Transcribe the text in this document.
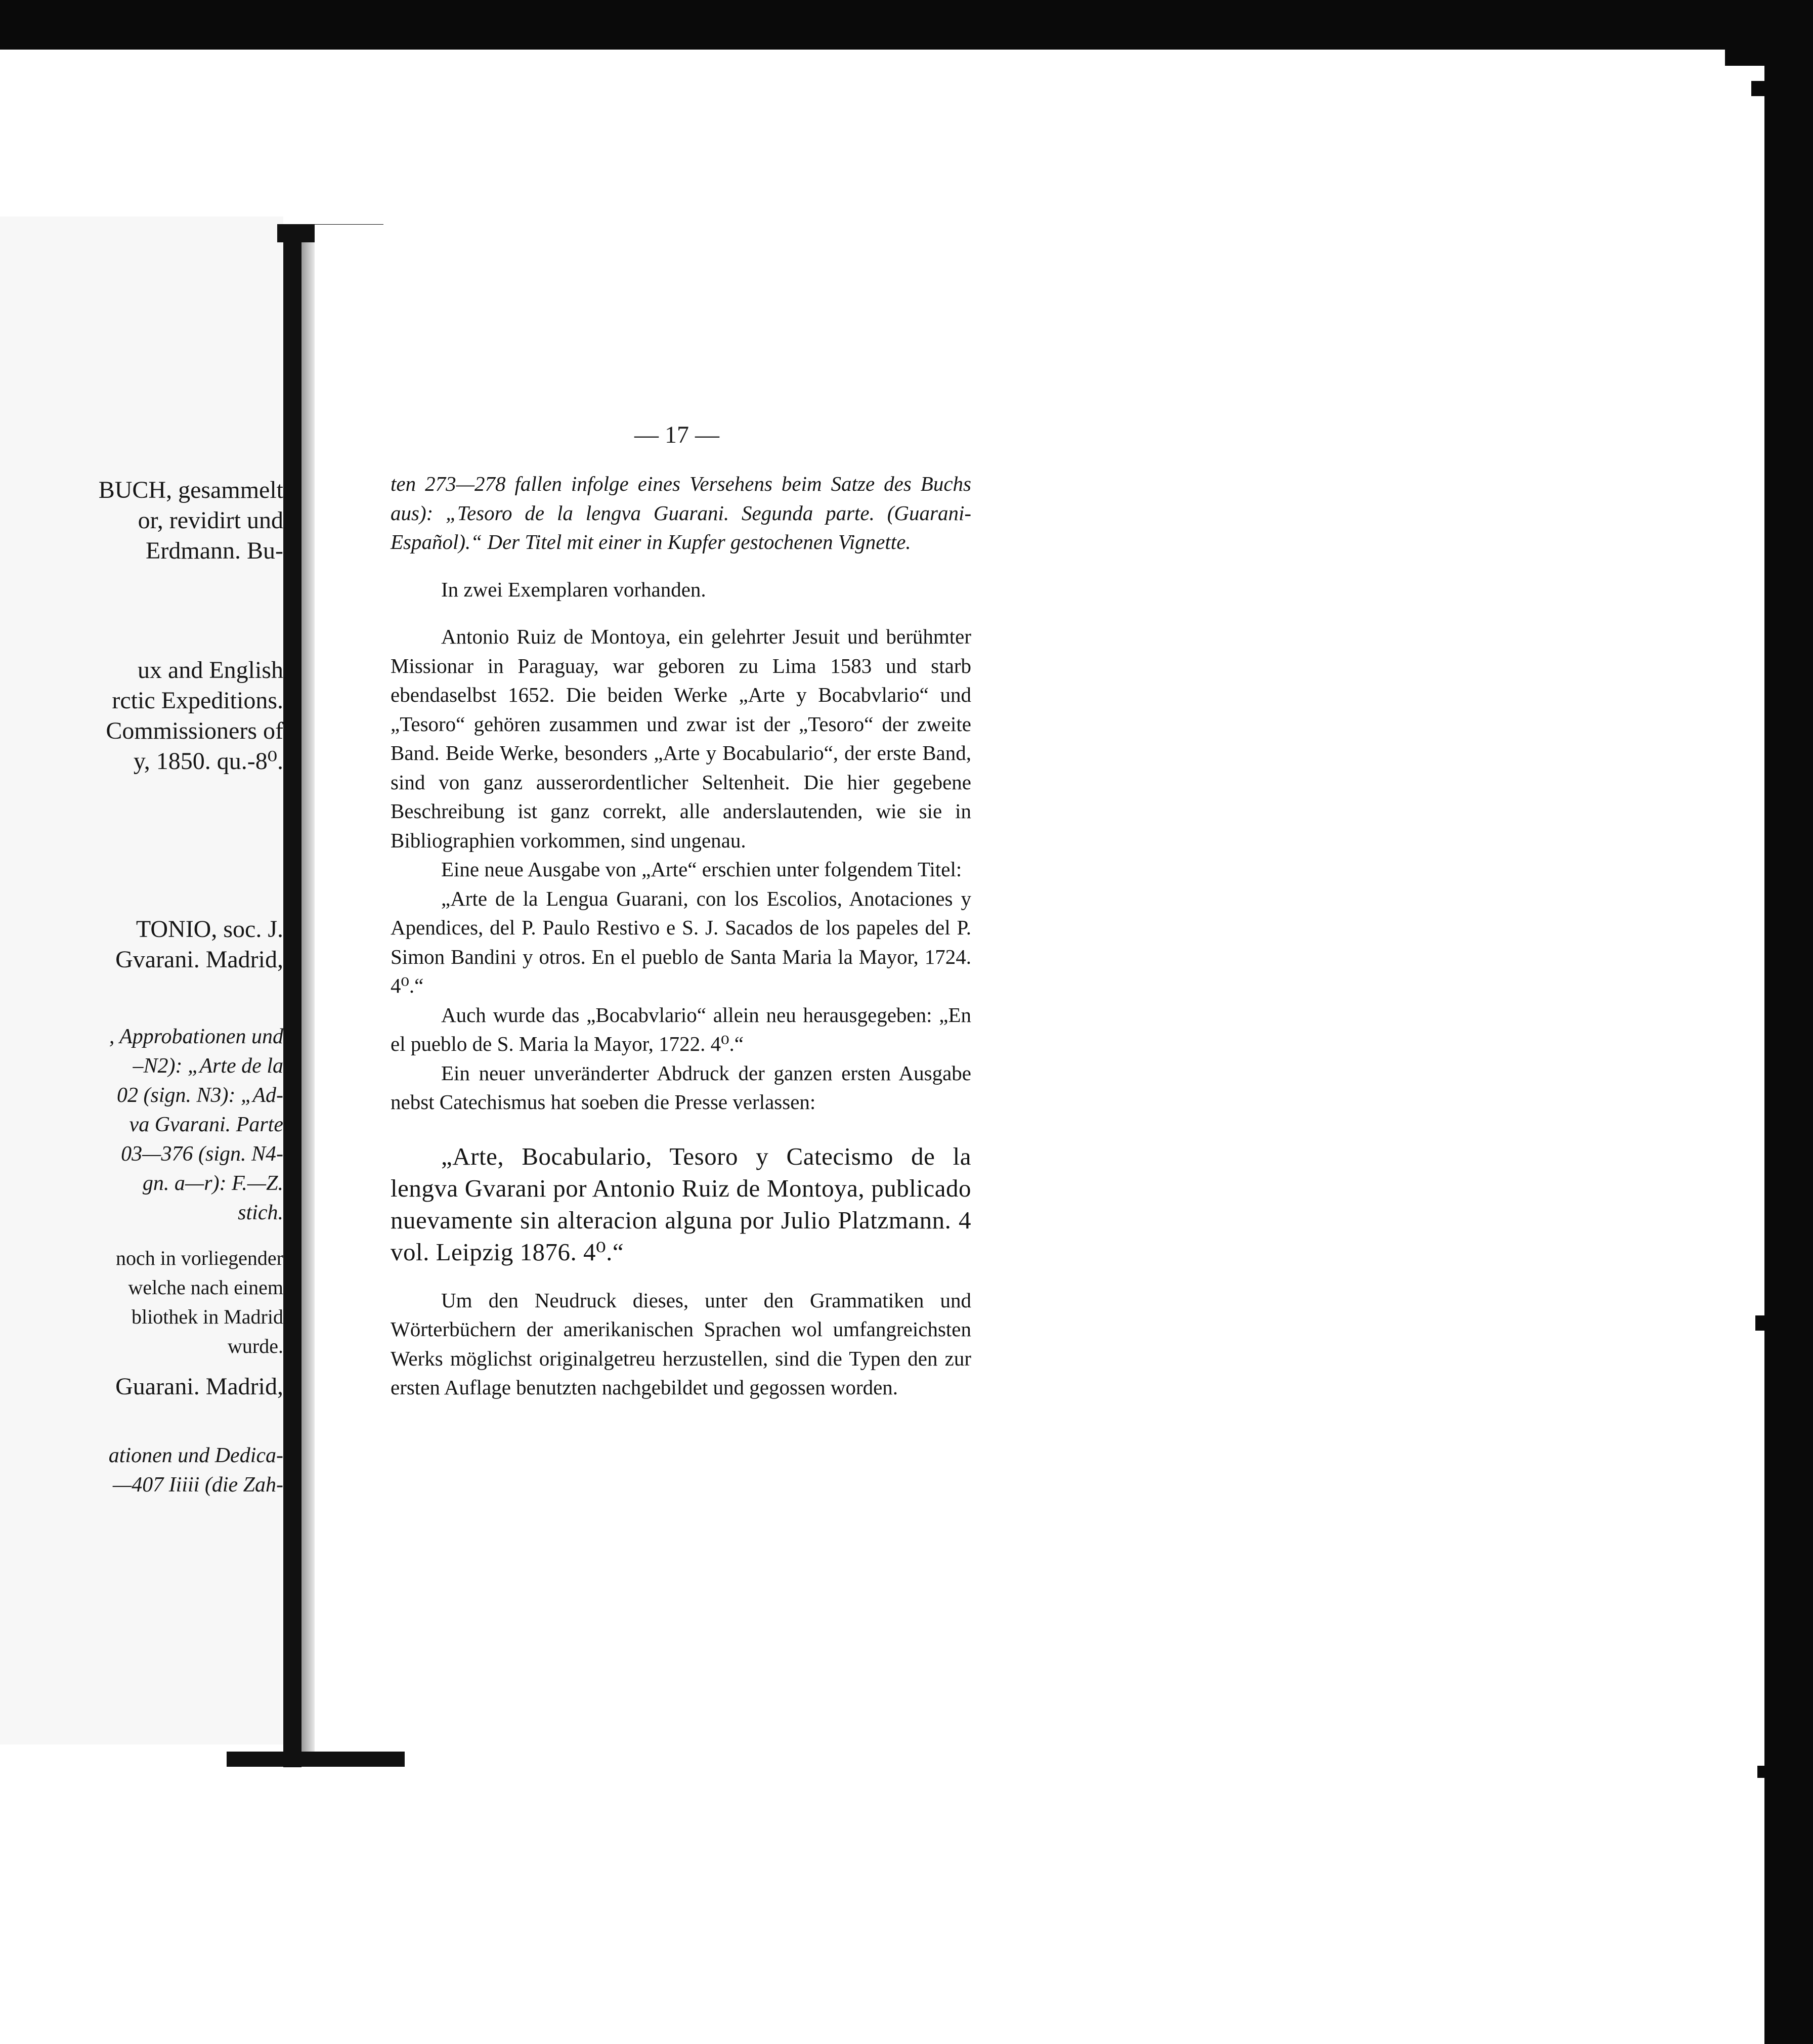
BUCH, gesammelt

or, revidirt und

Erdmann. Bu-

ux and English

rctic Expeditions.

Commissioners of

y, 1850. qu.-8⁰.

TONIO, soc. J.

Gvarani. Madrid,

, Approbationen und

–N2): „Arte de la

02 (sign. N3): „Ad-

va Gvarani. Parte

03—376 (sign. N4-

gn. a—r): F.—Z.

stich.

noch in vorliegender

welche nach einem

bliothek in Madrid

wurde.

Guarani. Madrid,

ationen und Dedica-

—407 Iiiii (die Zah-

— 17 —

ten 273—278 fallen infolge eines Versehens beim Satze des Buchs aus): „Tesoro de la lengva Guarani. Segunda parte. (Guarani-Español).“ Der Titel mit einer in Kupfer gestochenen Vignette.

In zwei Exemplaren vorhanden.

Antonio Ruiz de Montoya, ein gelehrter Jesuit und berühmter Missionar in Paraguay, war geboren zu Lima 1583 und starb ebendaselbst 1652. Die beiden Werke „Arte y Bocabvlario“ und „Tesoro“ gehören zusammen und zwar ist der „Tesoro“ der zweite Band. Beide Werke, besonders „Arte y Bocabulario“, der erste Band, sind von ganz ausserordentlicher Seltenheit. Die hier gegebene Beschreibung ist ganz correkt, alle anderslautenden, wie sie in Bibliographien vorkommen, sind ungenau.

Eine neue Ausgabe von „Arte“ erschien unter folgendem Titel:

„Arte de la Lengua Guarani, con los Escolios, Anotaciones y Apendices, del P. Paulo Restivo e S. J. Sacados de los papeles del P. Simon Bandini y otros. En el pueblo de Santa Maria la Mayor, 1724. 4⁰.“

Auch wurde das „Bocabvlario“ allein neu herausgegeben: „En el pueblo de S. Maria la Mayor, 1722. 4⁰.“

Ein neuer unveränderter Abdruck der ganzen ersten Ausgabe nebst Catechismus hat soeben die Presse verlassen:

„Arte, Bocabulario, Tesoro y Catecismo de la lengva Gvarani por Antonio Ruiz de Montoya, publicado nuevamente sin alteracion alguna por Julio Platzmann. 4 vol. Leipzig 1876. 4⁰.“

Um den Neudruck dieses, unter den Grammatiken und Wörterbüchern der amerikanischen Sprachen wol umfangreichsten Werks möglichst originalgetreu herzustellen, sind die Typen den zur ersten Auflage benutzten nachgebildet und gegossen worden.
